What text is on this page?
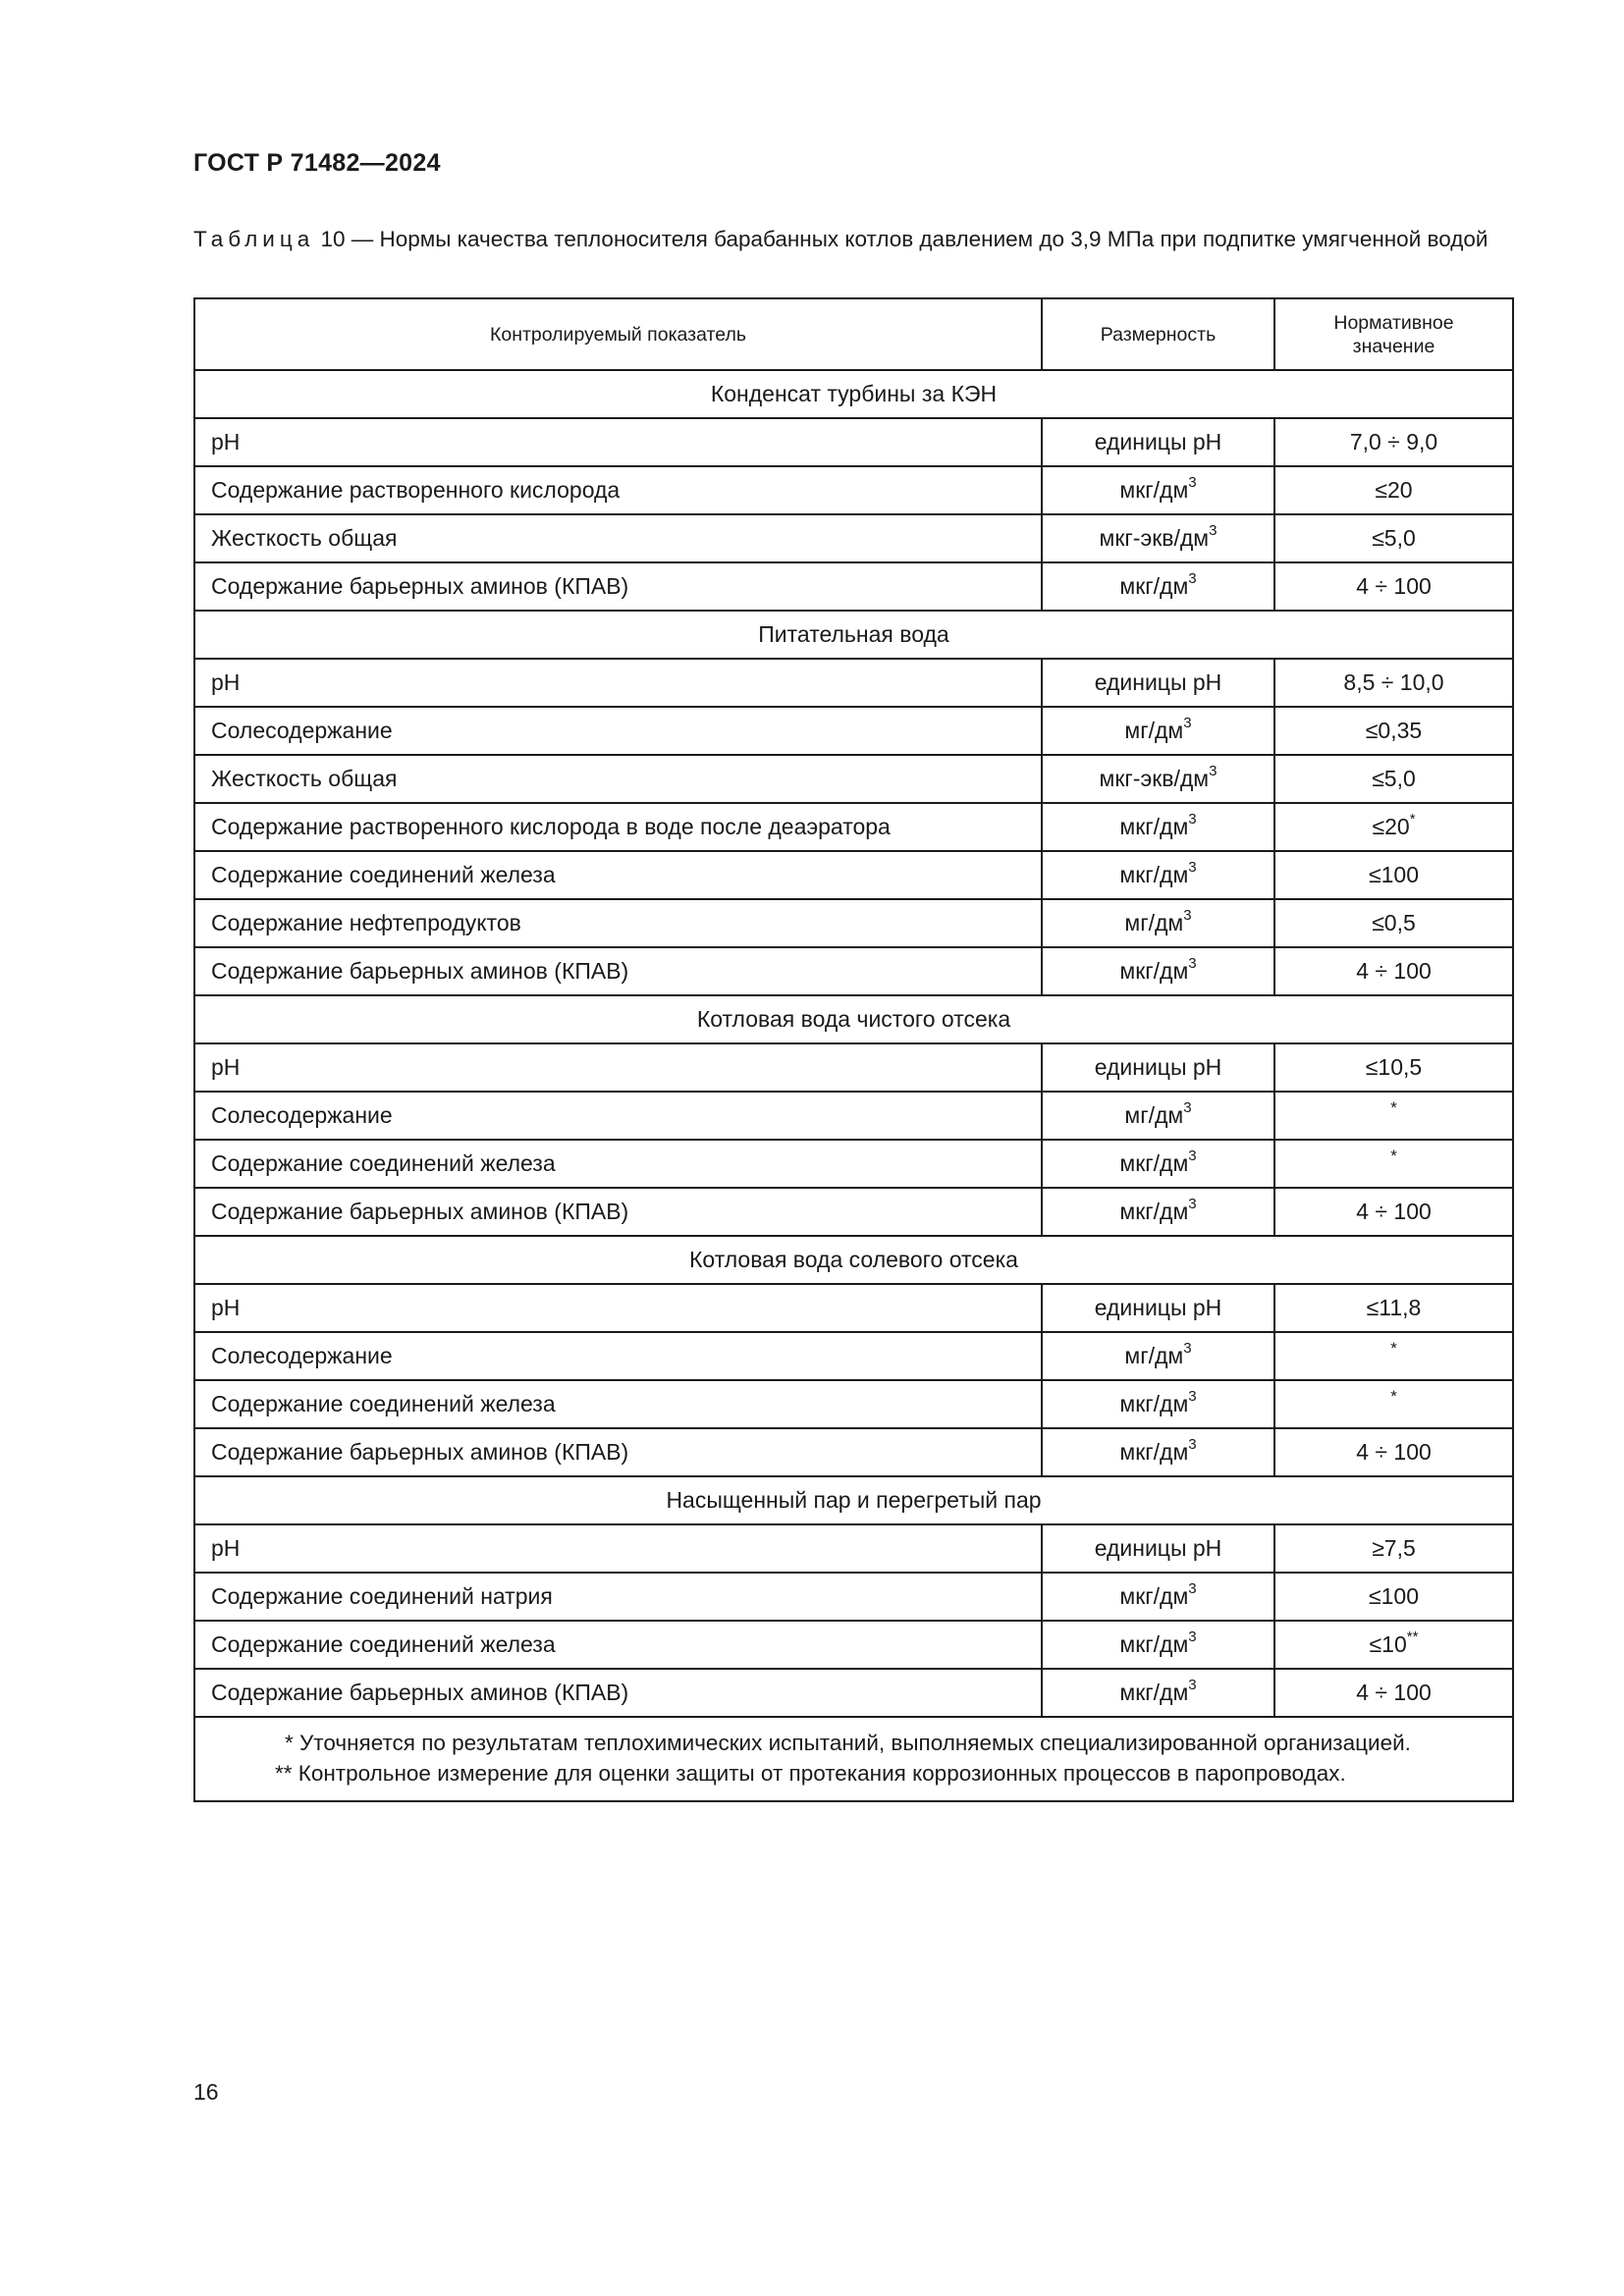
ГОСТ Р 71482—2024
Таблица 10 — Нормы качества теплоносителя барабанных котлов давлением до 3,9 МПа при подпитке умягченной водой
Контролируемый показатель	Размерность	Нормативное значение

Конденсат турбины за КЭН		
pH	единицы pH	7,0 ÷ 9,0
Содержание растворенного кислорода	мкг/$дм^3$	≤20
Жесткость общая	мкг-$экв/дм^3$	≤5,0
Содержание барьерных аминов (КПАВ)	мкг/$дм^3$	4 ÷ 100
Питательная вода		
pH	единицы pH	8,5 ÷ 10,0
Солесодержание	$мг/дм^3$	≤0,35
Жесткость общая	мкг-$экв/дм^3$	≤5,0
Содержание растворенного кислорода в воде после деаэратора	мкг/$дм^3$	≤20*
Содержание соединений железа	мкг/$дм^3$	≤100
Содержание нефтепродуктов	$мг/дм^3$	≤0,5
Содержание барьерных аминов (КПАВ)	мкг/$дм^3$	4 ÷ 100
Котловая вода чистого отсека		
pH	единицы pH	≤10,5
Солесодержание	$мг/дм^3$	*

Содержание соединений железа	мкг/$дм^3$	*

Содержание барьерных аминов (КПАВ)	мкг/$дм^3$	4 ÷ 100
Котловая вода солевого отсека		
pH	единицы pH	≤11,8
Солесодержание	$мг/дм^3$	*

Содержание соединений железа	мкг/$дм^3$	*

Содержание барьерных аминов (КПАВ)	мкг/$дм^3$	4 ÷ 100
Насыщенный пар и перегретый пар		
pH	единицы pH	≥7,5
Содержание соединений натрия	мкг/$дм^3$	≤100
Содержание соединений железа	мкг/$дм^3$	≤10**
Содержание барьерных аминов (КПАВ)	мкг/$дм^3$	4 ÷ 100

* Уточняется по результатам теплохимических испытаний, выполняемых специализированной организацией.
** Контрольное измерение для оценки защиты от протекания коррозионных процессов в паропроводах.		
16
